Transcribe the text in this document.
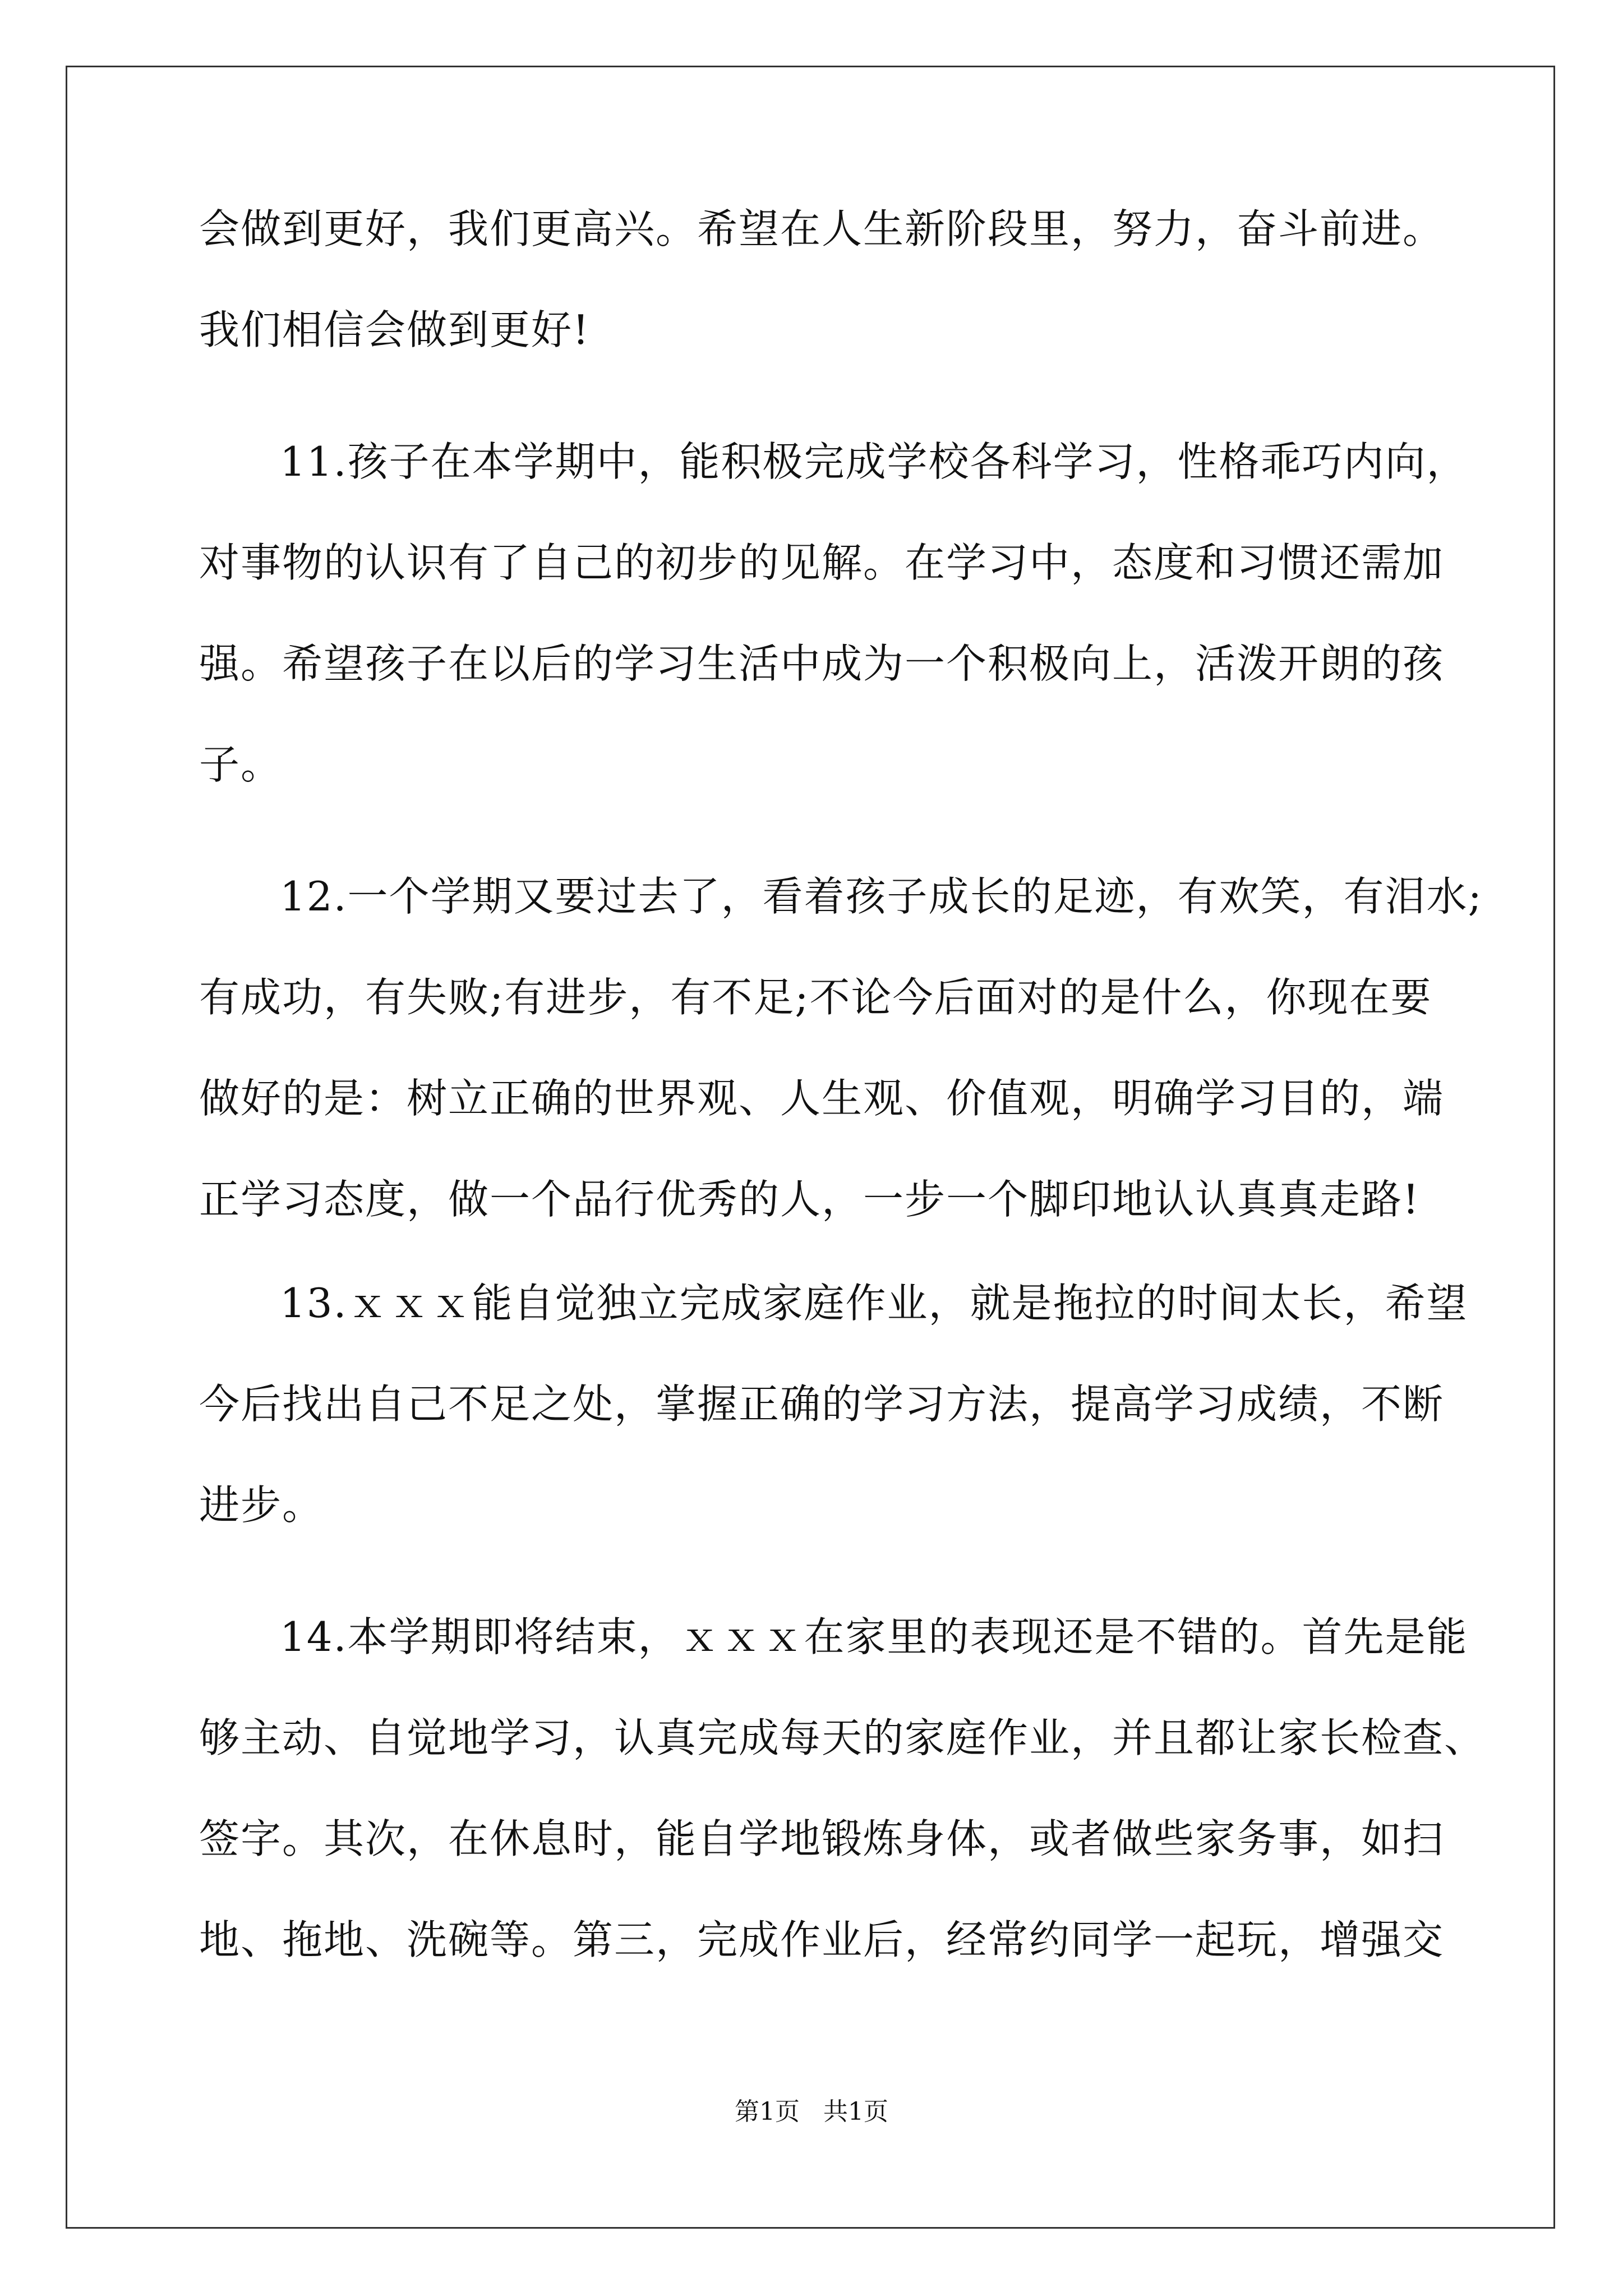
会做到更好，我们更高兴。希望在人生新阶段里，努力，奋斗前进。
我们相信会做到更好!
11.孩子在本学期中，能积极完成学校各科学习，性格乖巧内向，
对事物的认识有了自己的初步的见解。在学习中，态度和习惯还需加
强。希望孩子在以后的学习生活中成为一个积极向上，活泼开朗的孩
子。
12.一个学期又要过去了，看着孩子成长的足迹，有欢笑，有泪水;
有成功，有失败;有进步，有不足;不论今后面对的是什么，你现在要
做好的是：树立正确的世界观、人生观、价值观，明确学习目的，端
正学习态度，做一个品行优秀的人，一步一个脚印地认认真真走路!
13.ｘｘｘ能自觉独立完成家庭作业，就是拖拉的时间太长，希望
今后找出自己不足之处，掌握正确的学习方法，提高学习成绩，不断
进步。
14.本学期即将结束，ｘｘｘ在家里的表现还是不错的。首先是能
够主动、自觉地学习，认真完成每天的家庭作业，并且都让家长检查、
签字。其次，在休息时，能自学地锻炼身体，或者做些家务事，如扫
地、拖地、洗碗等。第三，完成作业后，经常约同学一起玩，增强交
第1页   共1页
